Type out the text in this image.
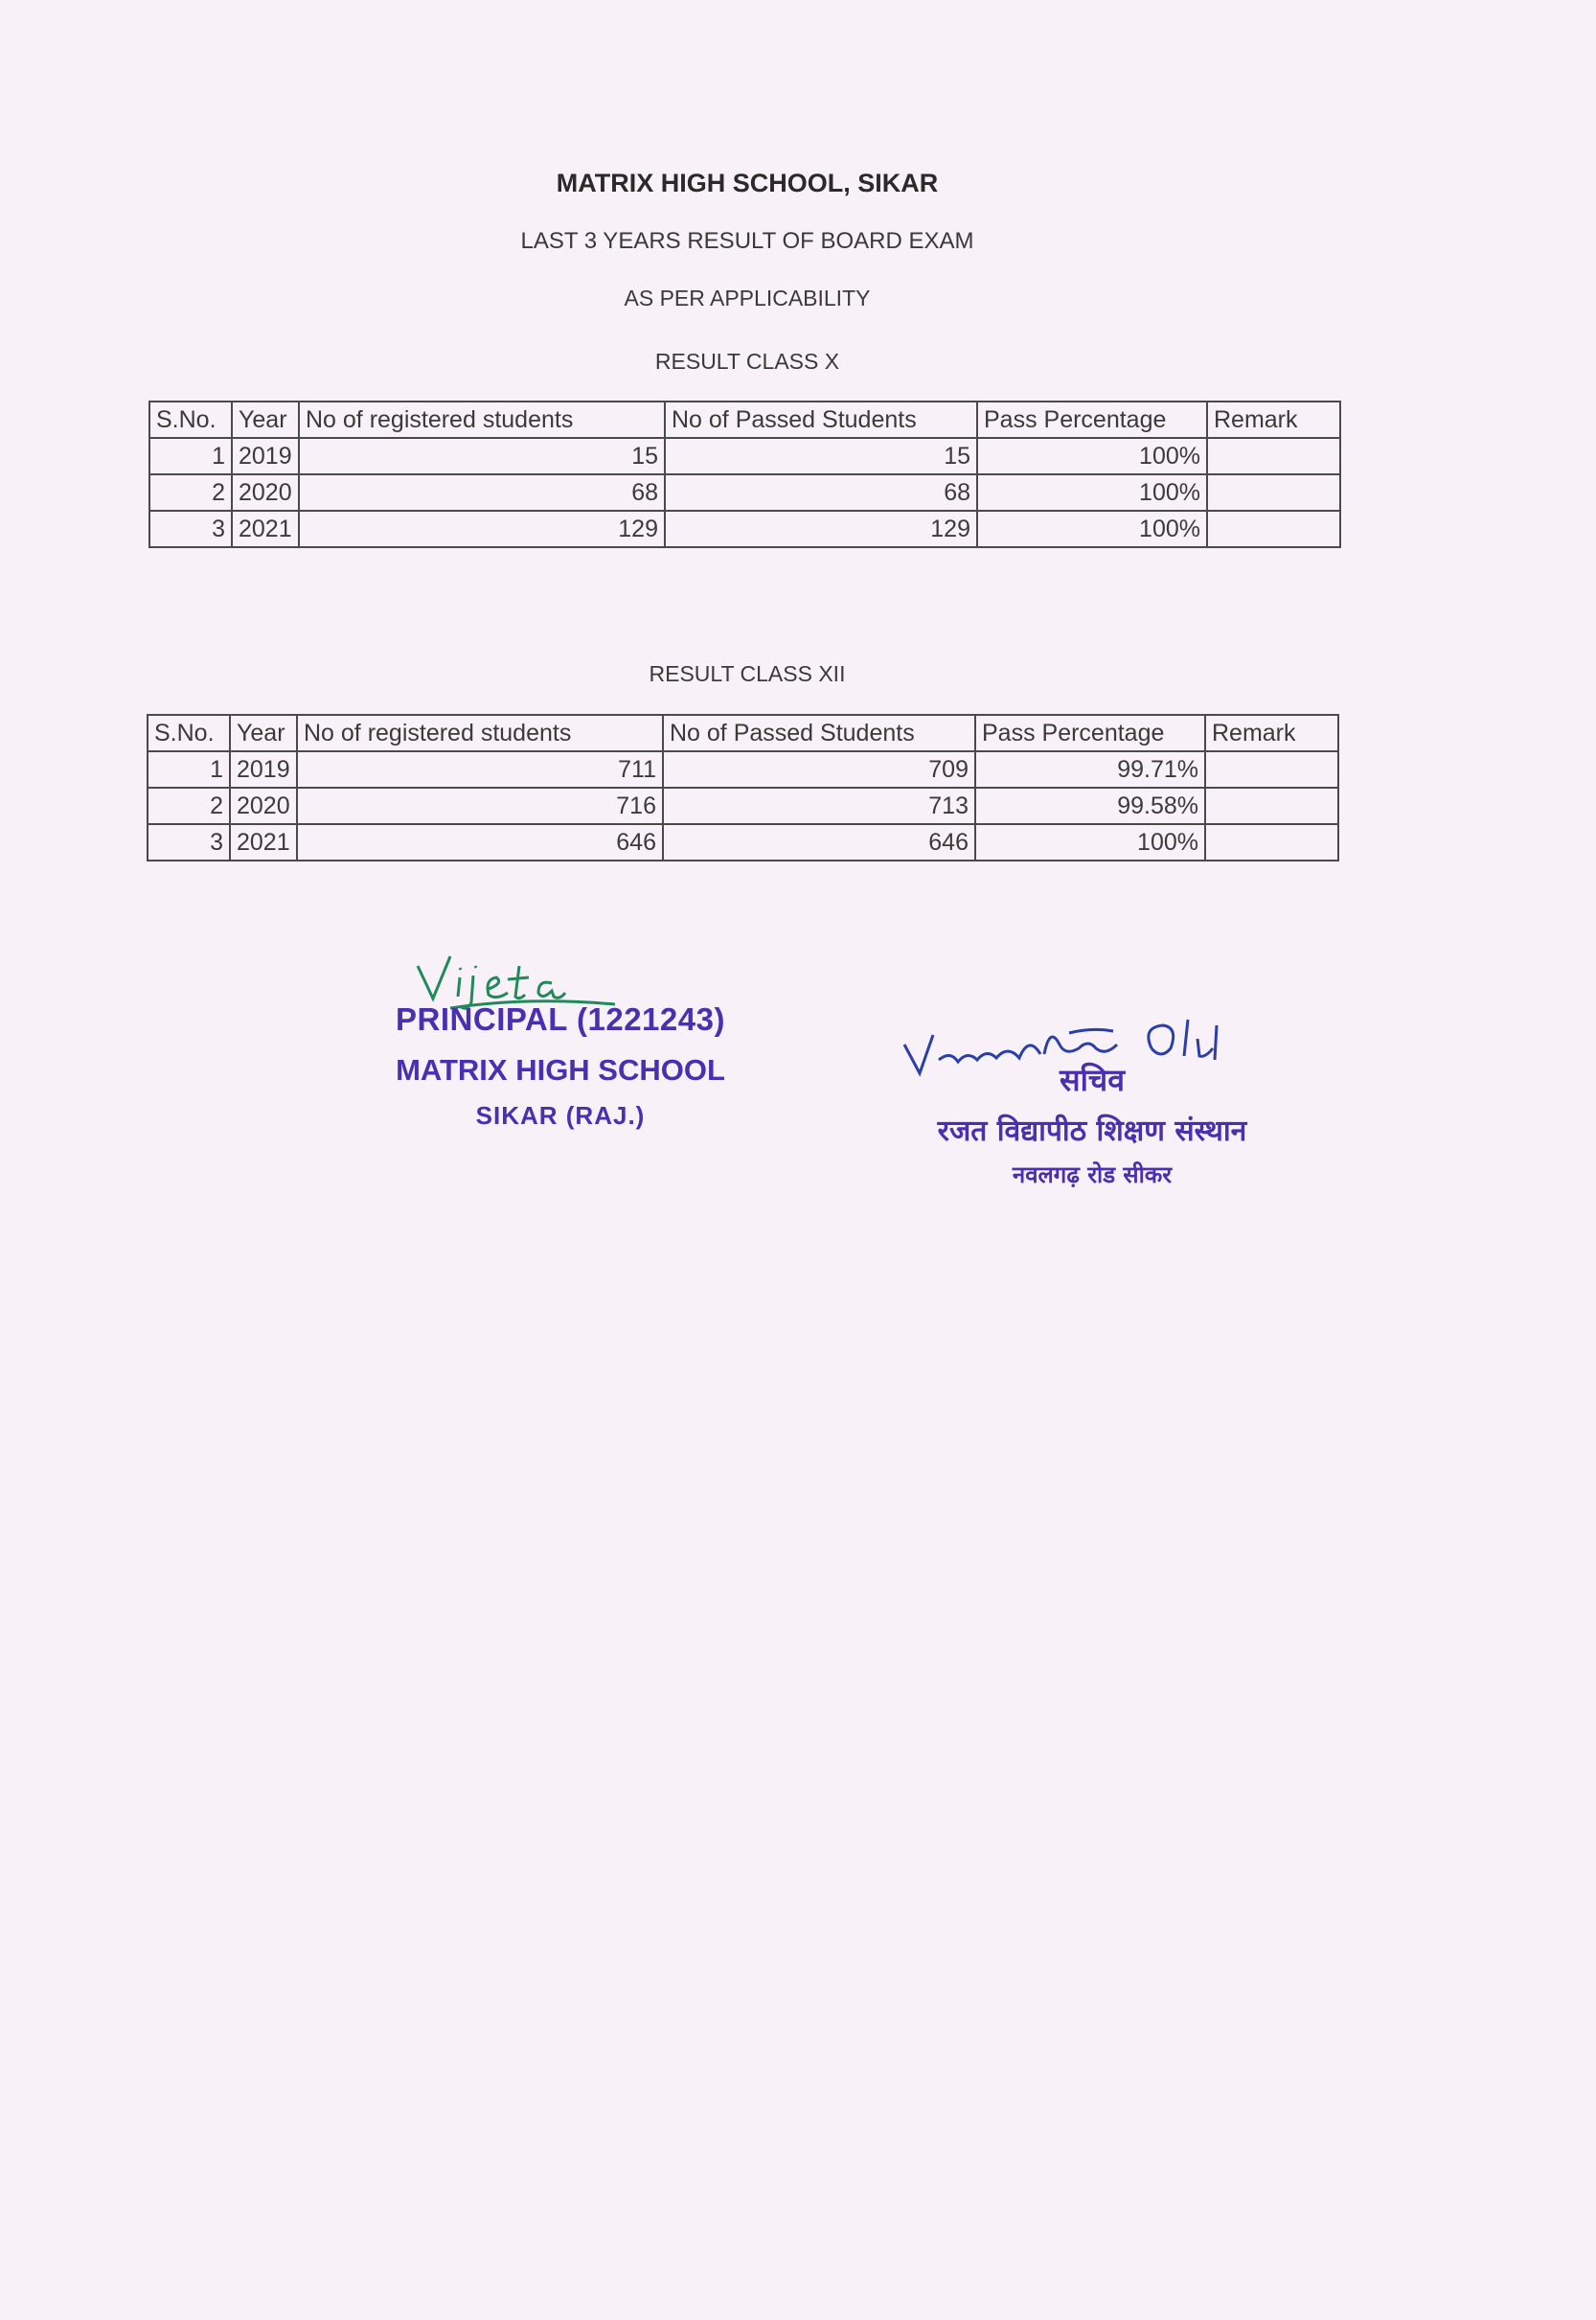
MATRIX HIGH SCHOOL, SIKAR
LAST 3 YEARS RESULT OF BOARD EXAM
AS PER APPLICABILITY
RESULT CLASS X
S.No.	Year	No of registered students	No of Passed Students	Pass Percentage	Remark
1	2019	15	15	100%	
2	2020	68	68	100%	
3	2021	129	129	100%	
RESULT CLASS XII
S.No.	Year	No of registered students	No of Passed Students	Pass Percentage	Remark
1	2019	711	709	99.71%	
2	2020	716	713	99.58%	
3	2021	646	646	100%	
PRINCIPAL (1221243)
MATRIX HIGH SCHOOL
SIKAR (RAJ.)
सचिव
रजत विद्यापीठ शिक्षण संस्थान
नवलगढ़ रोड सीकर
